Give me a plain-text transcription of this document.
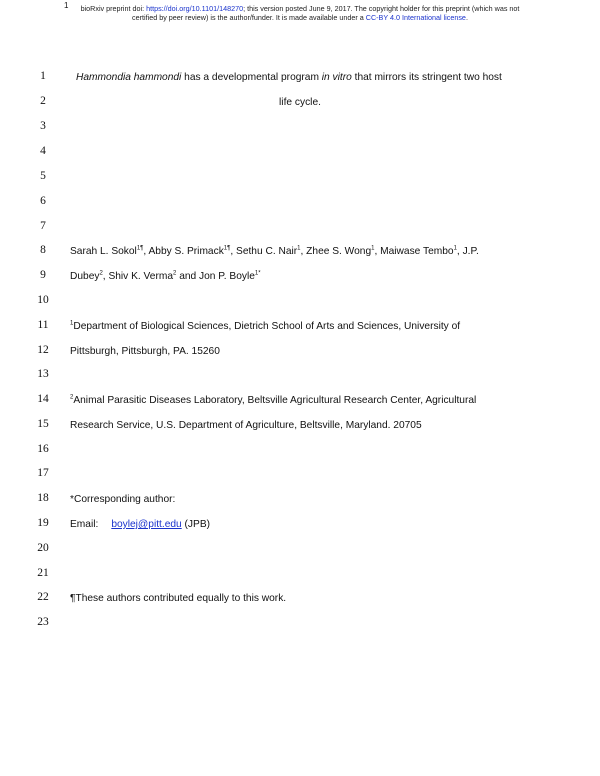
bioRxiv preprint doi: https://doi.org/10.1101/148270; this version posted June 9, 2017. The copyright holder for this preprint (which was not
certified by peer review) is the author/funder. It is made available under a CC-BY 4.0 International license.
1
1
2
3
4
5
6
7
8
9
10
11
12
13
14
15
16
17
18
19
20
21
22
23
Hammondia hammondi has a developmental program in vitro that mirrors its stringent two host
life cycle.
Sarah L. Sokol$^{1\P}$, Abby S. Primack$^{1\P}$, Sethu C. Nair$^1$, Zhee S. Wong$^1$, Maiwase Tembo$^1$, J.P.
Dubey$^2$, Shiv K. Verma$^2$ and Jon P. Boyle$^{1*}$
$^1$Department of Biological Sciences, Dietrich School of Arts and Sciences, University of
Pittsburgh, Pittsburgh, PA. 15260
$^2$Animal Parasitic Diseases Laboratory, Beltsville Agricultural Research Center, Agricultural
Research Service, U.S. Department of Agriculture, Beltsville, Maryland. 20705
*Corresponding author:
Email: boylej@pitt.edu (JPB)
¶These authors contributed equally to this work.
